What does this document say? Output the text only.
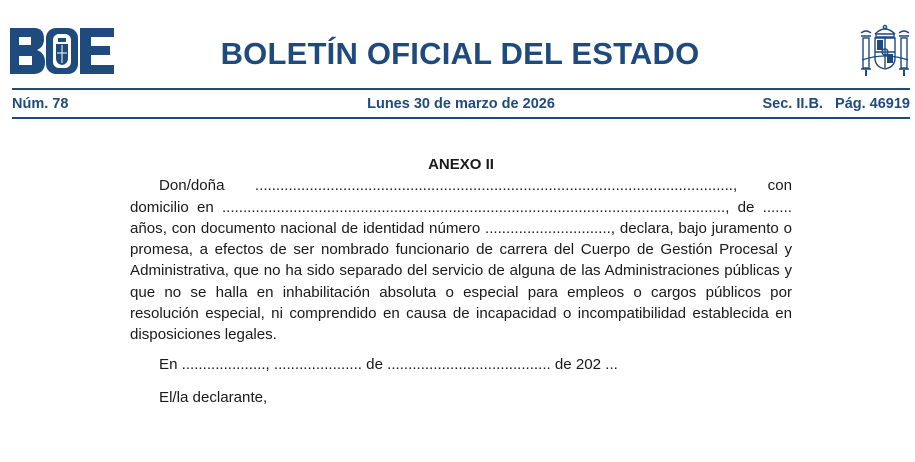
BOLETÍN OFICIAL DEL ESTADO
Núm. 78	Lunes 30 de marzo de 2026	Sec. II.B.   Pág. 46919

ANEXO II

Don/doña .................................................................................................................., con domicilio en ........................................................................................................................, de ....... años, con documento nacional de identidad número .............................., declara, bajo juramento o promesa, a efectos de ser nombrado funcionario de carrera del Cuerpo de Gestión Procesal y Administrativa, que no ha sido separado del servicio de alguna de las Administraciones públicas y que no se halla en inhabilitación absoluta o especial para empleos o cargos públicos por resolución especial, ni comprendido en causa de incapacidad o incompatibilidad establecida en disposiciones legales.

En ...................., ..................... de ....................................... de 202 ...

El/la declarante,
